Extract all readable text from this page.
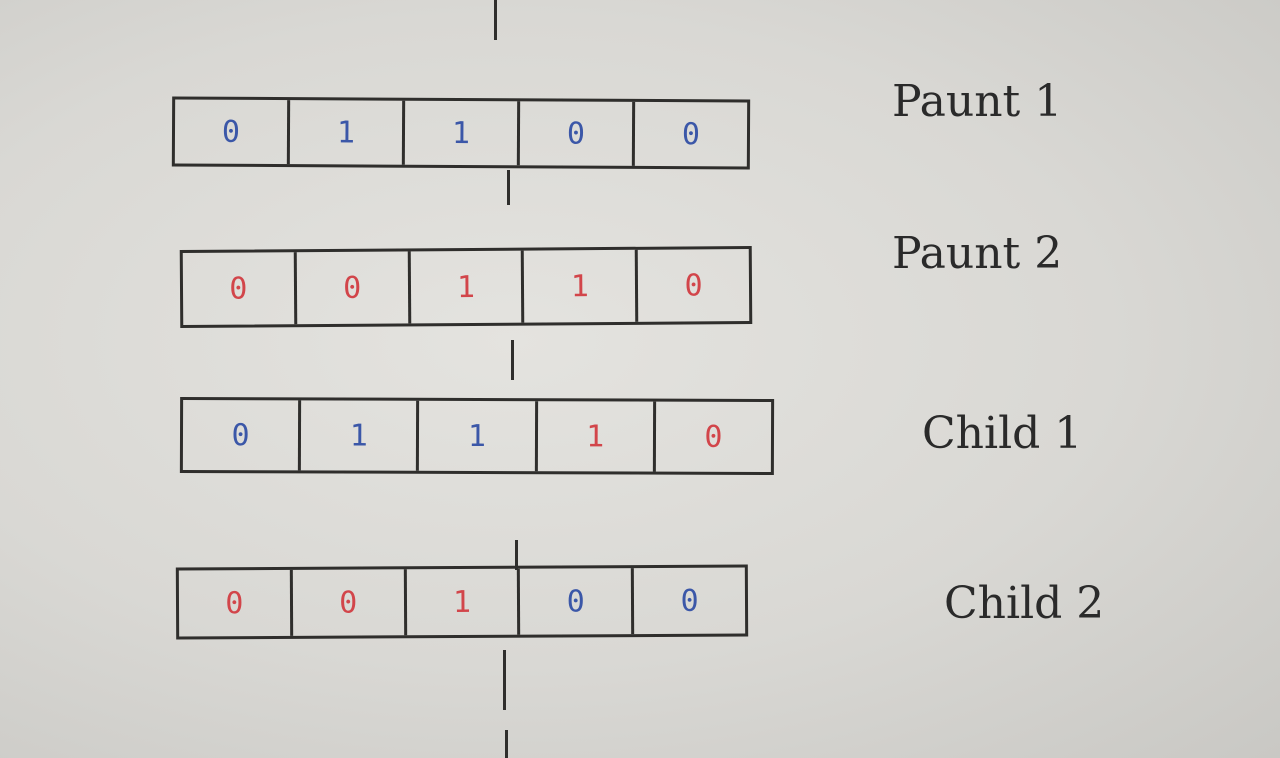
0	1	1	0	0
Paunt 1
0	0	1	1	0
Paunt 2
0	1	1	1	0	Child 1
0	0	1	0	0	Child 2
